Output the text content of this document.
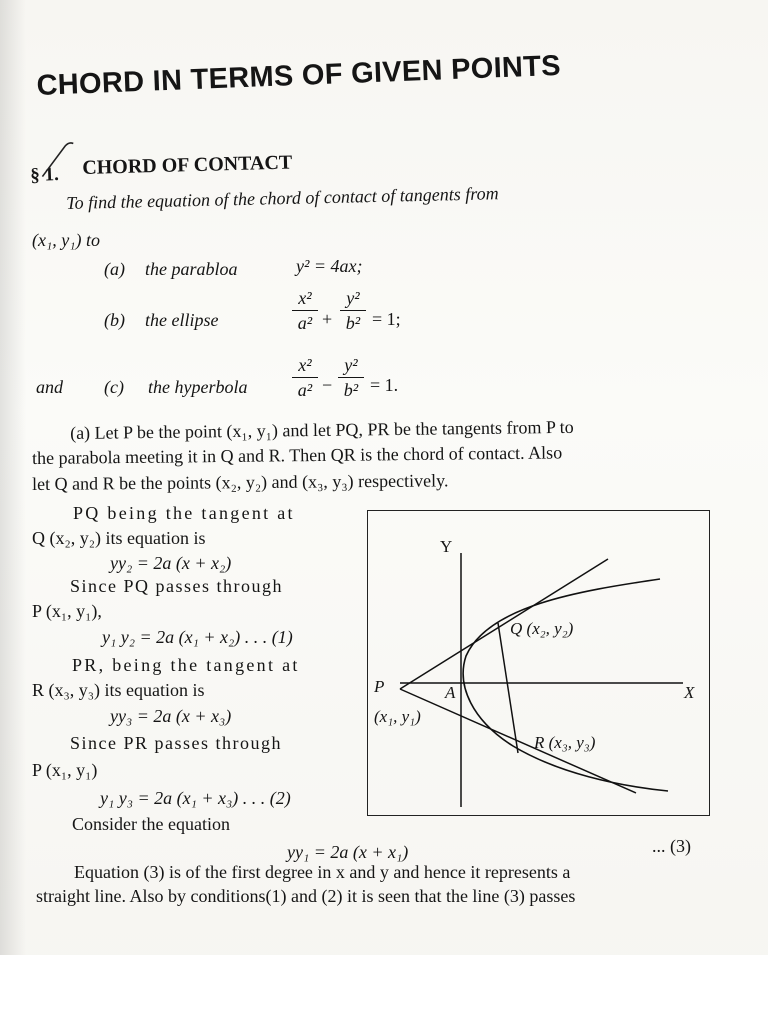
CHORD IN TERMS OF GIVEN POINTS
§ 1. CHORD OF CONTACT
To find the equation of the chord of contact of tangents from
(x₁, y₁) to
(a) the parabloa	y² = 4ax;
(b) the ellipse
x²
a² +
y²
b² = 1;
and (c) the hyperbola
x²
a² −
y²
b² = 1.
(a) Let P be the point (x₁, y₁) and let PQ, PR be the tangents from P to
the parabola meeting it in Q and R. Then QR is the chord of contact. Also
let Q and R be the points (x₂, y₂) and (x₃, y₃) respectively.
PQ being the tangent at
Q (x₂, y₂) its equation is
yy₂ = 2a (x + x₂)
Since PQ passes through
P (x₁, y₁),
y₁ y₂ = 2a (x₁ + x₂) . . . (1)
PR, being the tangent at
R (x₃, y₃) its equation is
yy₃ = 2a (x + x₃)
Since PR passes through
P (x₁, y₁)
y₁ y₃ = 2a (x₁ + x₃) . . . (2)
Consider the equation
yy₁ = 2a (x + x₁)	... (3)
Equation (3) is of the first degree in x and y and hence it represents a
straight line. Also by conditions(1) and (2) it is seen that the line (3) passes
Y
X
A
P
(x₁, y₁)
Q (x₂, y₂)
R (x₃, y₃)
